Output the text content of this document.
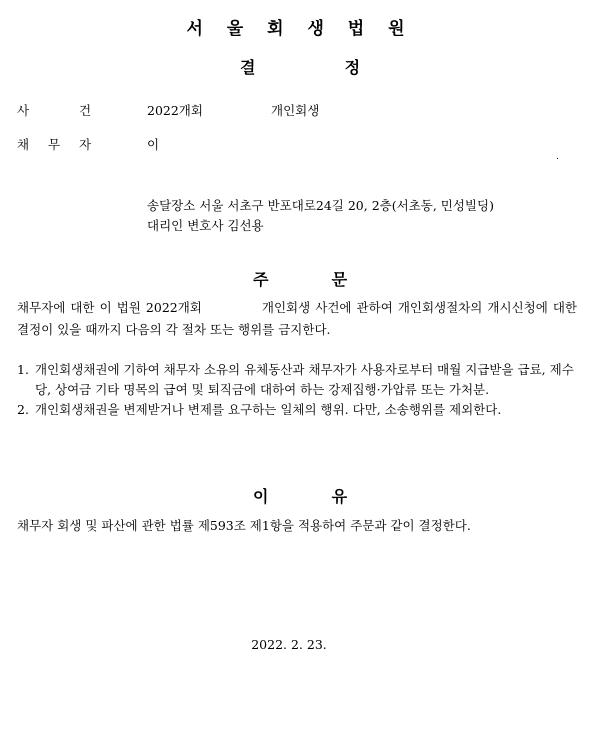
서 울 회 생 법 원
결	정
사	건	2022개회	개인회생
채 무 자	이
.
송달장소 서울 서초구 반포대로24길 20, 2층(서초동, 민성빌딩)
대리인 변호사 김선용
주	문
채무자에 대한 이 법원 2022개회	개인회생 사건에 관하여 개인회생절차의 개시신청에 대한 결정이 있을 때까지 다음의 각 절차 또는 행위를 금지한다.
1. 개인회생채권에 기하여 채무자 소유의 유체동산과 채무자가 사용자로부터 매월 지급받을 급료, 제수당, 상여금 기타 명목의 급여 및 퇴직금에 대하여 하는 강제집행·가압류 또는 가처분.
2. 개인회생채권을 변제받거나 변제를 요구하는 일체의 행위. 다만, 소송행위를 제외한다.
이	유
채무자 회생 및 파산에 관한 법률 제593조 제1항을 적용하여 주문과 같이 결정한다.
2022. 2. 23.
